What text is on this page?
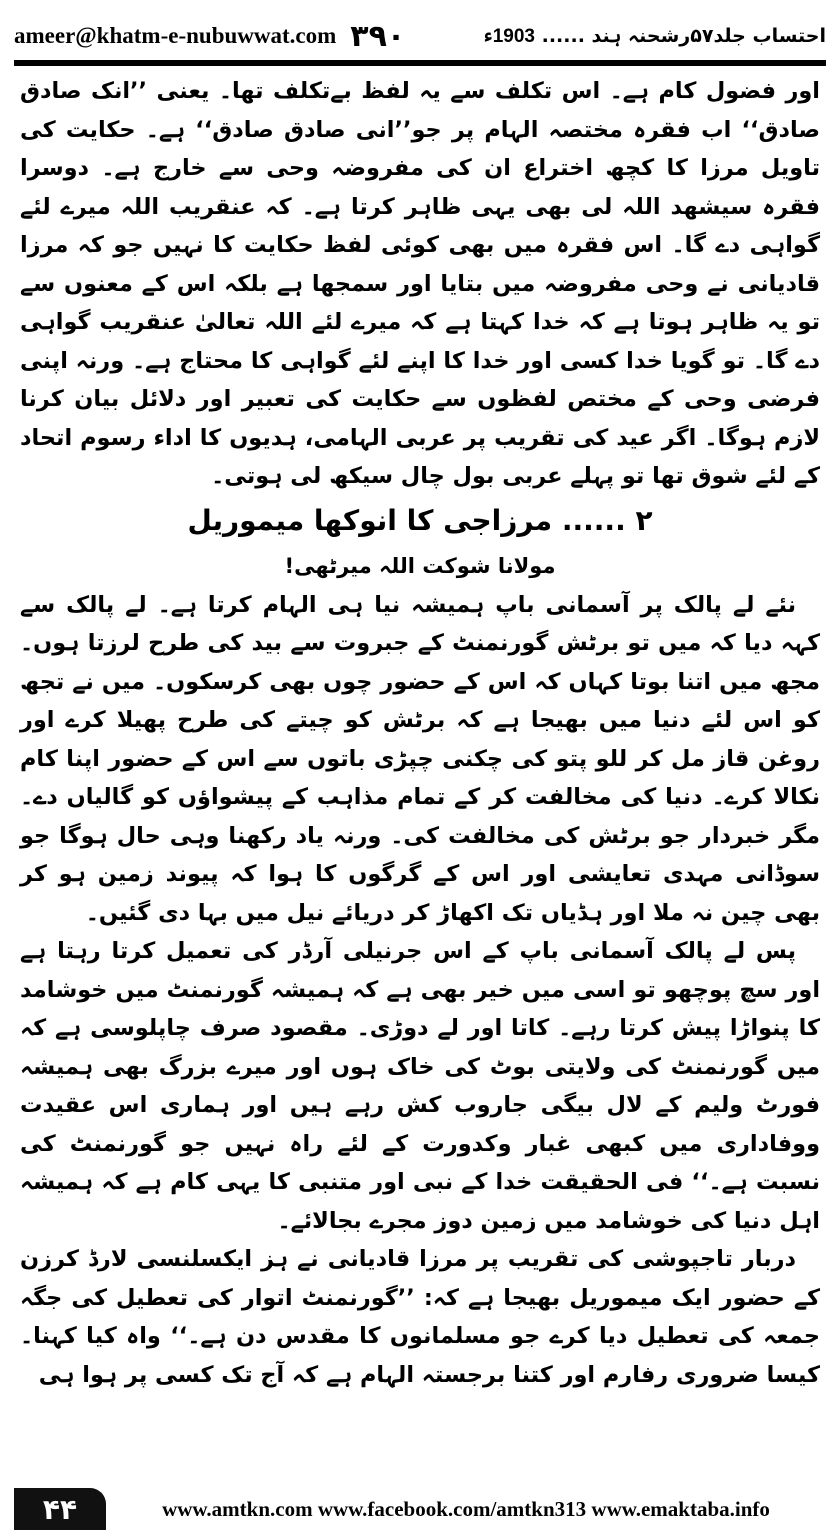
ameer@khatm-e-nubuwwat.com ۳۹۰	احتساب جلد۵۷رشحنہ ہند ...... 1903ء

اور فضول کام ہے۔ اس تکلف سے یہ لفظ بےتکلف تھا۔ یعنی ’’انک صادق صادق‘‘ اب فقرہ مختصہ الہام پر جو’’انی صادق صادق‘‘ ہے۔ حکایت کی تاویل مرزا کا کچھ اختراع ان کی مفروضہ وحی سے خارج ہے۔ دوسرا فقرہ سیشھد اللہ لی بھی یہی ظاہر کرتا ہے۔ کہ عنقریب اللہ میرے لئے گواہی دے گا۔ اس فقرہ میں بھی کوئی لفظ حکایت کا نہیں جو کہ مرزا قادیانی نے وحی مفروضہ میں بتایا اور سمجھا ہے بلکہ اس کے معنوں سے تو یہ ظاہر ہوتا ہے کہ خدا کہتا ہے کہ میرے لئے اللہ تعالیٰ عنقریب گواہی دے گا۔ تو گویا خدا کسی اور خدا کا اپنے لئے گواہی کا محتاج ہے۔ ورنہ اپنی فرضی وحی کے مختص لفظوں سے حکایت کی تعبیر اور دلائل بیان کرنا لازم ہوگا۔ اگر عید کی تقریب پر عربی الہامی، ہدیوں کا اداء رسوم اتحاد کے لئے شوق تھا تو پہلے عربی بول چال سیکھ لی ہوتی۔

۲ ...... مرزاجی کا انوکھا میموریل

مولانا شوکت اللہ میرٹھی!

نئے لے پالک پر آسمانی باپ ہمیشہ نیا ہی الہام کرتا ہے۔ لے پالک سے کہہ دیا کہ میں تو برٹش گورنمنٹ کے جبروت سے بید کی طرح لرزتا ہوں۔ مجھ میں اتنا بوتا کہاں کہ اس کے حضور چوں بھی کرسکوں۔ میں نے تجھ کو اس لئے دنیا میں بھیجا ہے کہ برٹش کو چیتے کی طرح پھیلا کرے اور روغن قاز مل کر للو پتو کی چکنی چپڑی باتوں سے اس کے حضور اپنا کام نکالا کرے۔ دنیا کی مخالفت کر کے تمام مذاہب کے پیشواؤں کو گالیاں دے۔ مگر خبردار جو برٹش کی مخالفت کی۔ ورنہ یاد رکھنا وہی حال ہوگا جو سوڈانی مہدی تعایشی اور اس کے گرگوں کا ہوا کہ پیوند زمین ہو کر بھی چین نہ ملا اور ہڈیاں تک اکھاڑ کر دریائے نیل میں بہا دی گئیں۔

پس لے پالک آسمانی باپ کے اس جرنیلی آرڈر کی تعمیل کرتا رہتا ہے اور سچ پوچھو تو اسی میں خیر بھی ہے کہ ہمیشہ گورنمنٹ میں خوشامد کا پنواڑا پیش کرتا رہے۔ کاتا اور لے دوڑی۔ مقصود صرف چاپلوسی ہے کہ میں گورنمنٹ کی ولایتی بوٹ کی خاک ہوں اور میرے بزرگ بھی ہمیشہ فورٹ ولیم کے لال بیگی جاروب کش رہے ہیں اور ہماری اس عقیدت ووفاداری میں کبھی غبار وکدورت کے لئے راہ نہیں جو گورنمنٹ کی نسبت ہے۔‘‘ فی الحقیقت خدا کے نبی اور متنبی کا یہی کام ہے کہ ہمیشہ اہل دنیا کی خوشامد میں زمین دوز مجرے بجالائے۔

دربار تاجپوشی کی تقریب پر مرزا قادیانی نے ہز ایکسلنسی لارڈ کرزن کے حضور ایک میموریل بھیجا ہے کہ: ’’گورنمنٹ اتوار کی تعطیل کی جگہ جمعہ کی تعطیل دیا کرے جو مسلمانوں کا مقدس دن ہے۔‘‘ واہ کیا کہنا۔ کیسا ضروری رفارم اور کتنا برجستہ الہام ہے کہ آج تک کسی پر ہوا ہی

۴۴	www.amtkn.com www.facebook.com/amtkn313 www.emaktaba.info
